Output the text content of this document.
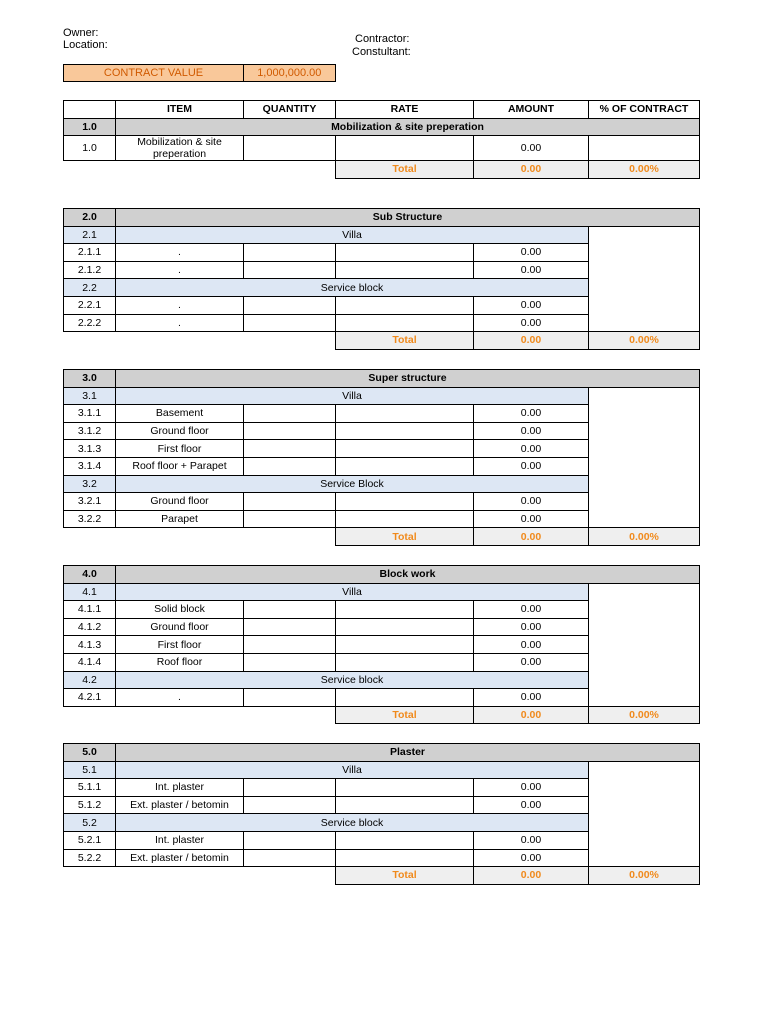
Owner:
Location:	Contractor:
Constultant:
CONTRACT VALUE	1,000,000.00
	ITEM	QUANTITY	RATE	AMOUNT	% OF CONTRACT
1.0	Mobilization & site preperation				
1.0	Mobilization & site preperation			0.00	
			Total	0.00	0.00%
2.0	Sub Structure				
2.1	Villa				
2.1.1	.			0.00	
2.1.2	.			0.00	
2.2	Service block				
2.2.1	.			0.00	
2.2.2	.			0.00	
			Total	0.00	0.00%
3.0	Super structure				
3.1	Villa				
3.1.1	Basement			0.00	
3.1.2	Ground floor			0.00	
3.1.3	First floor			0.00	
3.1.4	Roof floor + Parapet			0.00	
3.2	Service Block				
3.2.1	Ground floor			0.00	
3.2.2	Parapet			0.00	
			Total	0.00	0.00%
4.0	Block work				
4.1	Villa				
4.1.1	Solid block			0.00	
4.1.2	Ground floor			0.00	
4.1.3	First floor			0.00	
4.1.4	Roof floor			0.00	
4.2	Service block				
4.2.1	.			0.00	
			Total	0.00	0.00%
5.0	Plaster				
5.1	Villa				
5.1.1	Int. plaster			0.00	
5.1.2	Ext. plaster / betomin			0.00	
5.2	Service block				
5.2.1	Int. plaster			0.00	
5.2.2	Ext. plaster / betomin			0.00	
			Total	0.00	0.00%
